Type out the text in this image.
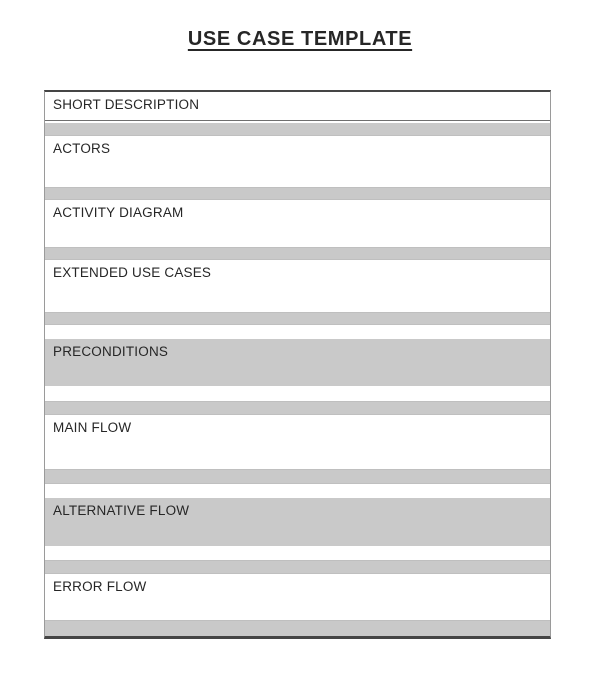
USE CASE TEMPLATE
SHORT DESCRIPTION
ACTORS
ACTIVITY DIAGRAM
EXTENDED USE CASES
PRECONDITIONS
MAIN FLOW
ALTERNATIVE FLOW
ERROR FLOW
